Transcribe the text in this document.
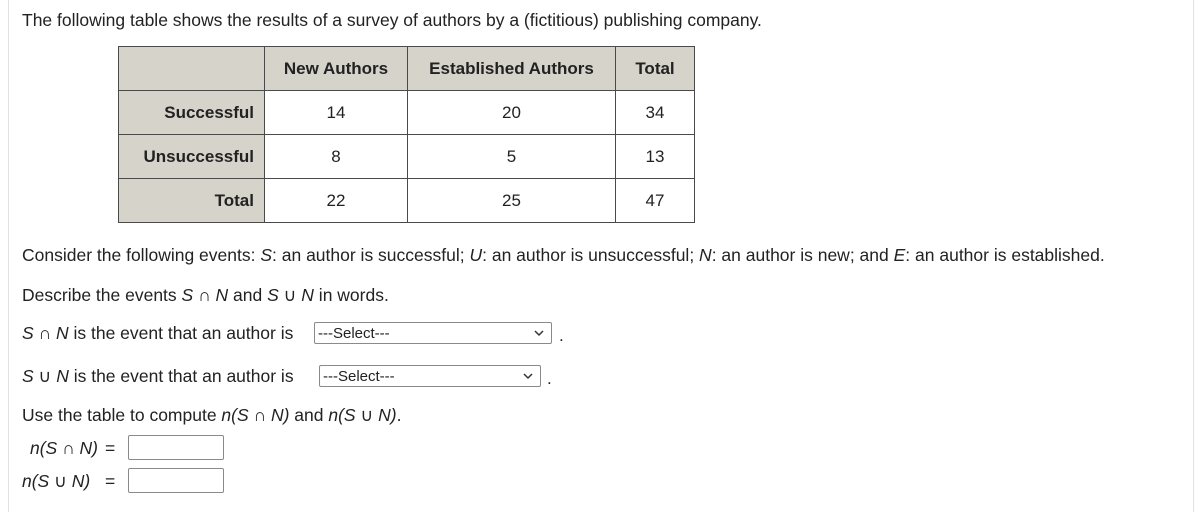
The following table shows the results of a survey of authors by a (fictitious) publishing company.
	New Authors	Established Authors	Total
Successful	14	20	34
Unsuccessful	8	5	13
Total	22	25	47
Consider the following events: S: an author is successful; U: an author is unsuccessful; N: an author is new; and E: an author is established.
Describe the events S ∩ N and S ∪ N in words.
S ∩ N is the event that an author is ---Select---	.
S ∪ N is the event that an author is ---Select---	.
Use the table to compute n(S ∩ N) and n(S ∪ N).
n(S ∩ N) =
n(S ∪ N) =
